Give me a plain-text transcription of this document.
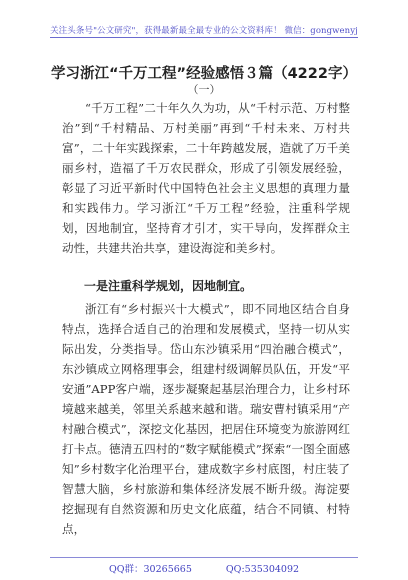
关注头条号"公文研究"，获得最新最全最专业的公文资料库！ 微信：gongwenyj
学习浙江“千万工程”经验感悟３篇（4222字）
（一）
“千万工程”二十年久久为功，从“千村示范、万村整治”到“千村精品、万村美丽”再到“千村未来、万村共富”，二十年实践探索，二十年跨越发展，造就了万千美丽乡村，造福了千万农民群众，形成了引领发展经验，彰显了习近平新时代中国特色社会主义思想的真理力量和实践伟力。学习浙江“千万工程”经验，注重科学规划，因地制宜，坚持育才引才，实干导向，发挥群众主动性，共建共治共享，建设海淀和美乡村。
一是注重科学规划，因地制宜。
浙江有“乡村振兴十大模式”，即不同地区结合自身特点，选择合适自己的治理和发展模式，坚持一切从实际出发，分类指导。岱山东沙镇采用“四治融合模式”，东沙镇成立网格理事会，组建村级调解员队伍，开发“平安通”APP客户端，逐步凝聚起基层治理合力，让乡村环境越来越美，邻里关系越来越和谐。瑞安曹村镇采用“产村融合模式”，深挖文化基因，把居住环境变为旅游网红打卡点。德清五四村的“数字赋能模式”探索“一图全面感知”乡村数字化治理平台，建成数字乡村底图，村庄装了智慧大脑，乡村旅游和集体经济发展不断升级。海淀要挖掘现有自然资源和历史文化底蕴，结合不同镇、村特点，
QQ群：30265665	QQ:535304092
